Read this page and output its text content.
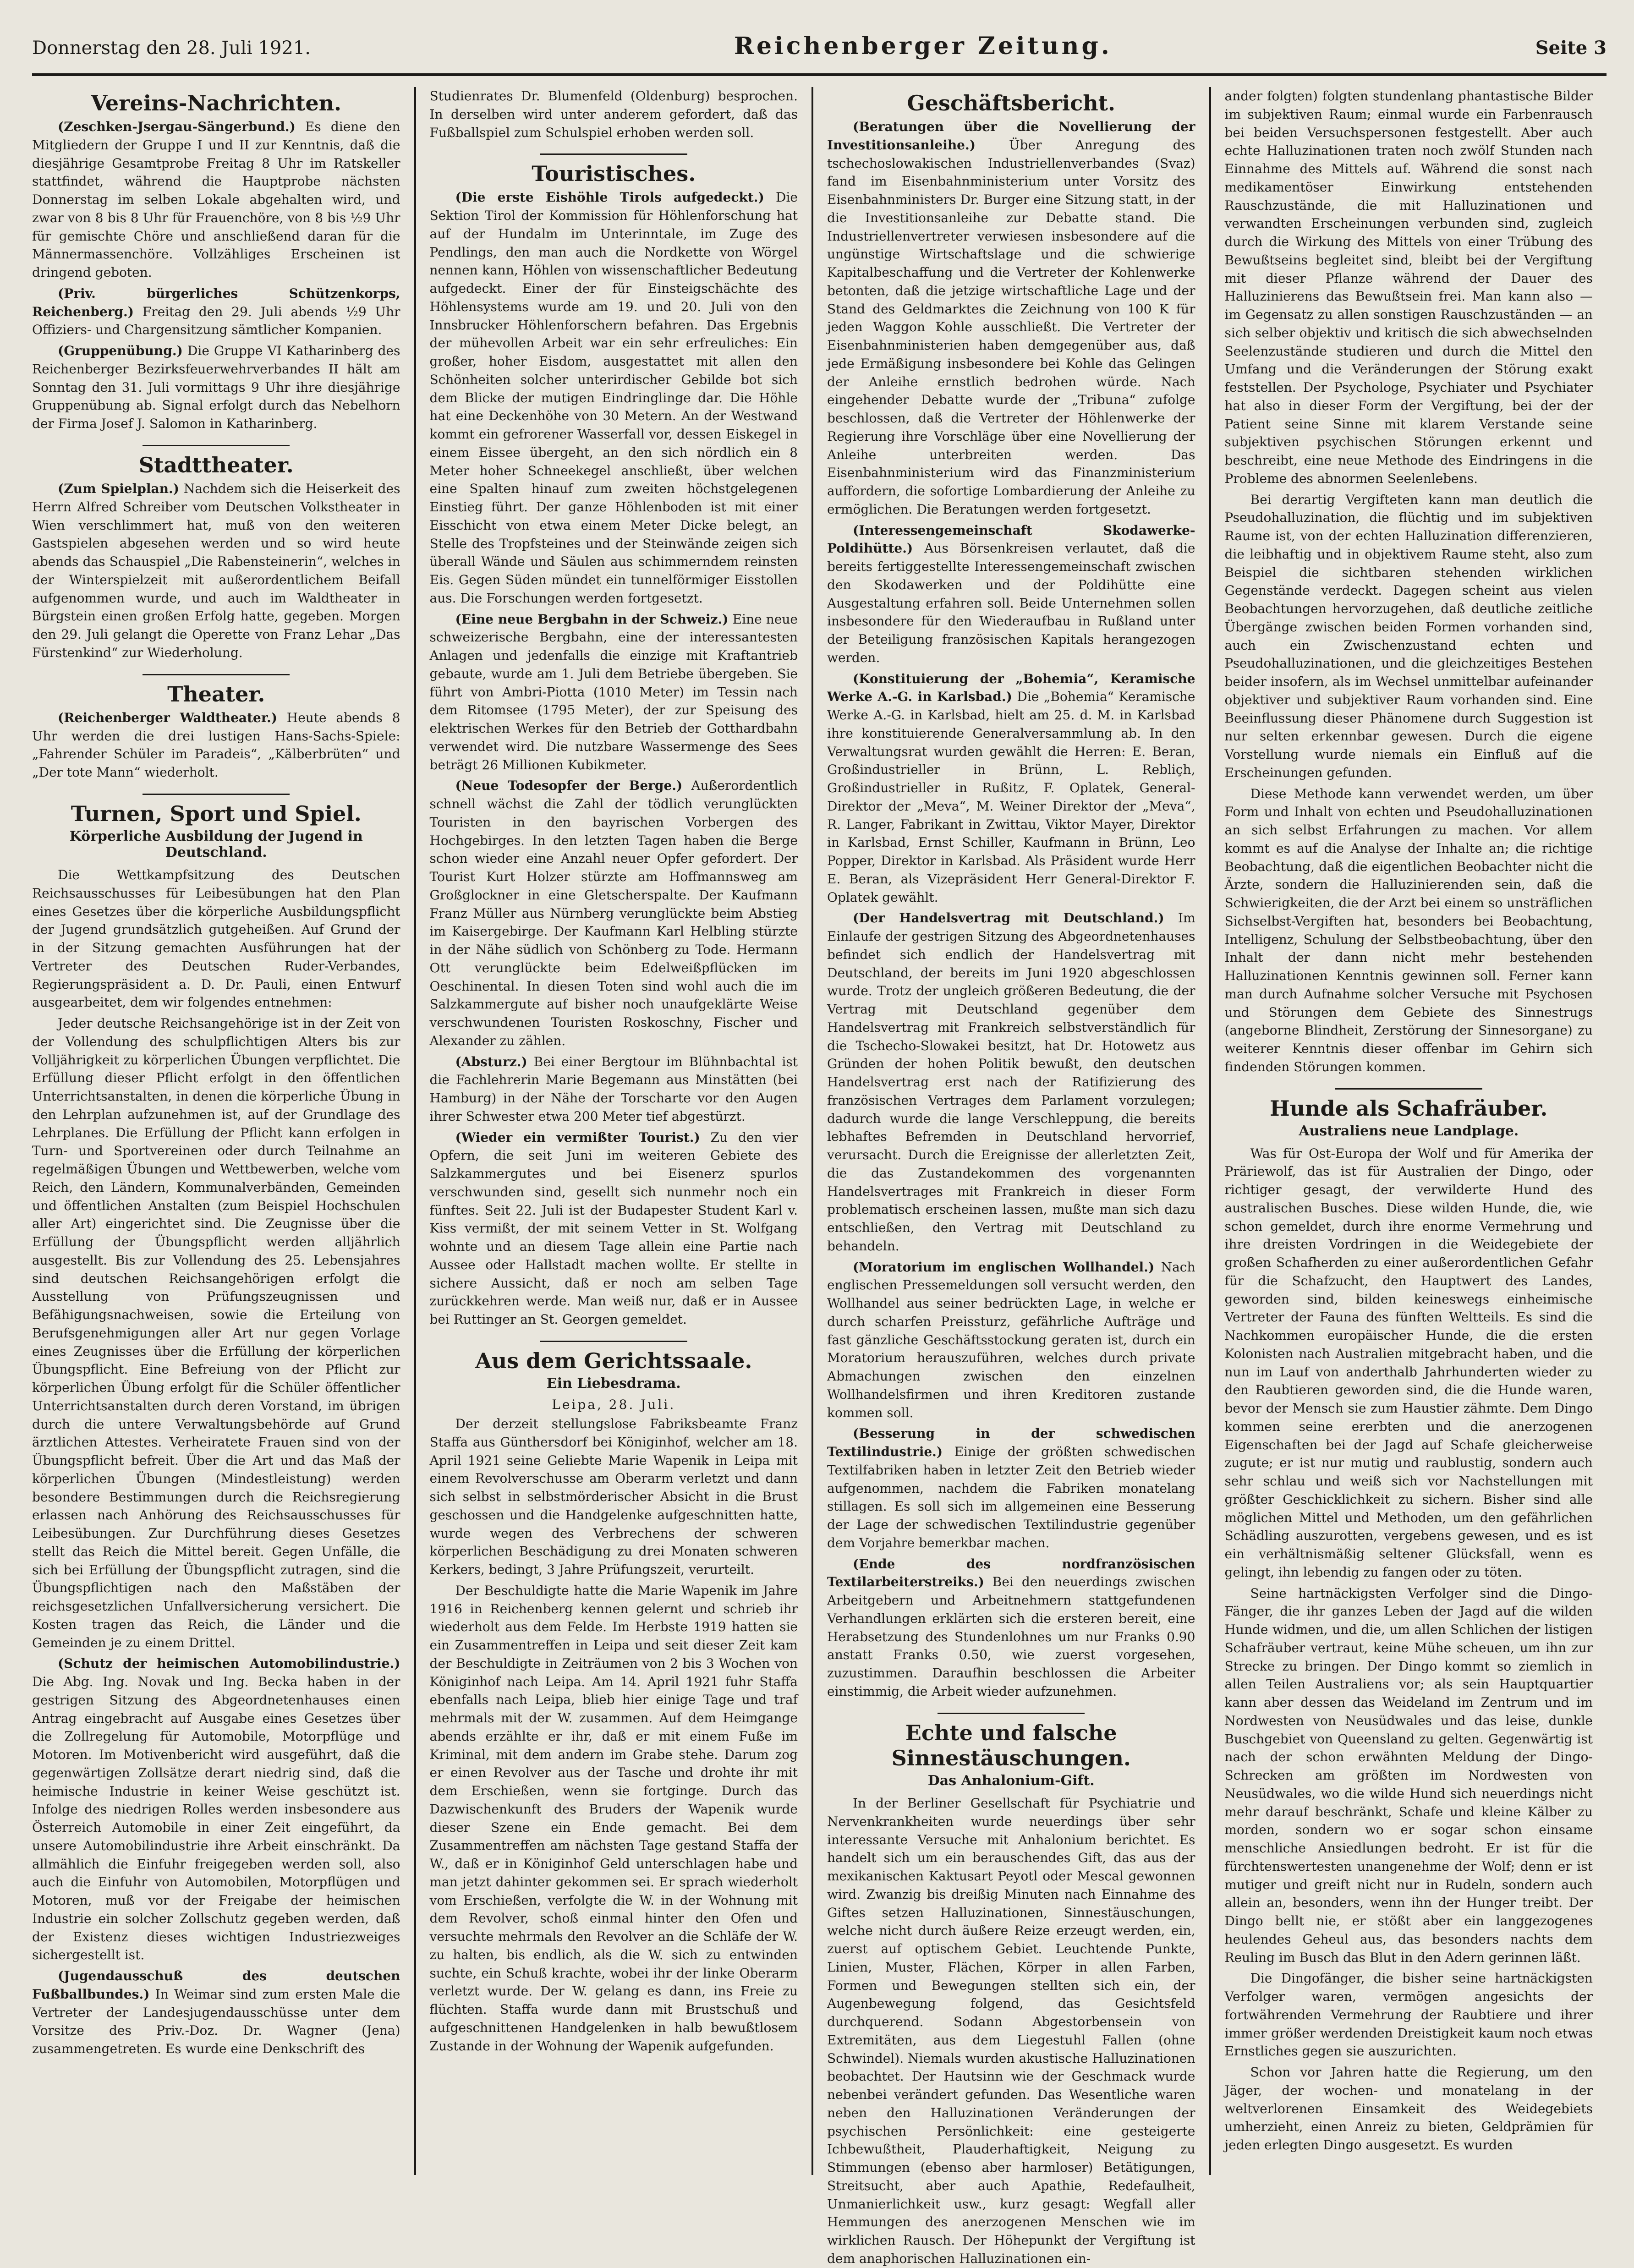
Donnerstag den 28. Juli 1921.	Reichenberger Zeitung.	Seite 3
Vereins-Nachrichten.

(Zeschken-Jsergau-Sängerbund.) Es diene den Mitgliedern der Gruppe I und II zur Kenntnis, daß die diesjährige Gesamtprobe Freitag 8 Uhr im Ratskeller stattfindet, während die Hauptprobe nächsten Donnerstag im selben Lokale abgehalten wird, und zwar von 8 bis 8 Uhr für Frauenchöre, von 8 bis ½9 Uhr für gemischte Chöre und anschließend daran für die Männermassenchöre. Vollzähliges Erscheinen ist dringend geboten.

(Priv. bürgerliches Schützenkorps, Reichenberg.) Freitag den 29. Juli abends ½9 Uhr Offiziers- und Chargensitzung sämtlicher Kompanien.

(Gruppenübung.) Die Gruppe VI Katharinberg des Reichenberger Bezirksfeuerwehrverbandes II hält am Sonntag den 31. Juli vormittags 9 Uhr ihre diesjährige Gruppenübung ab. Signal erfolgt durch das Nebelhorn der Firma Josef J. Salomon in Katharinberg.

Stadttheater.

(Zum Spielplan.) Nachdem sich die Heiserkeit des Herrn Alfred Schreiber vom Deutschen Volkstheater in Wien verschlimmert hat, muß von den weiteren Gastspielen abgesehen werden und so wird heute abends das Schauspiel „Die Rabensteinerin“, welches in der Winterspielzeit mit außerordentlichem Beifall aufgenommen wurde, und auch im Waldtheater in Bürgstein einen großen Erfolg hatte, gegeben. Morgen den 29. Juli gelangt die Operette von Franz Lehar „Das Fürstenkind“ zur Wiederholung.

Theater.

(Reichenberger Waldtheater.) Heute abends 8 Uhr werden die drei lustigen Hans-Sachs-Spiele: „Fahrender Schüler im Paradeis“, „Kälberbrüten“ und „Der tote Mann“ wiederholt.

Turnen, Sport und Spiel.
Körperliche Ausbildung der Jugend in Deutschland.

Die Wettkampfsitzung des Deutschen Reichsausschusses für Leibesübungen hat den Plan eines Gesetzes über die körperliche Ausbildungspflicht der Jugend grundsätzlich gutgeheißen. Auf Grund der in der Sitzung gemachten Ausführungen hat der Vertreter des Deutschen Ruder-Verbandes, Regierungspräsident a. D. Dr. Pauli, einen Entwurf ausgearbeitet, dem wir folgendes entnehmen:

Jeder deutsche Reichsangehörige ist in der Zeit von der Vollendung des schulpflichtigen Alters bis zur Volljährigkeit zu körperlichen Übungen verpflichtet. Die Erfüllung dieser Pflicht erfolgt in den öffentlichen Unterrichtsanstalten, in denen die körperliche Übung in den Lehrplan aufzunehmen ist, auf der Grundlage des Lehrplanes. Die Erfüllung der Pflicht kann erfolgen in Turn- und Sportvereinen oder durch Teilnahme an regelmäßigen Übungen und Wettbewerben, welche vom Reich, den Ländern, Kommunalverbänden, Gemeinden und öffentlichen Anstalten (zum Beispiel Hochschulen aller Art) eingerichtet sind. Die Zeugnisse über die Erfüllung der Übungspflicht werden alljährlich ausgestellt. Bis zur Vollendung des 25. Lebensjahres sind deutschen Reichsangehörigen erfolgt die Ausstellung von Prüfungszeugnissen und Befähigungsnachweisen, sowie die Erteilung von Berufsgenehmigungen aller Art nur gegen Vorlage eines Zeugnisses über die Erfüllung der körperlichen Übungspflicht. Eine Befreiung von der Pflicht zur körperlichen Übung erfolgt für die Schüler öffentlicher Unterrichtsanstalten durch deren Vorstand, im übrigen durch die untere Verwaltungsbehörde auf Grund ärztlichen Attestes. Verheiratete Frauen sind von der Übungspflicht befreit. Über die Art und das Maß der körperlichen Übungen (Mindestleistung) werden besondere Bestimmungen durch die Reichsregierung erlassen nach Anhörung des Reichsausschusses für Leibesübungen. Zur Durchführung dieses Gesetzes stellt das Reich die Mittel bereit. Gegen Unfälle, die sich bei Erfüllung der Übungspflicht zutragen, sind die Übungspflichtigen nach den Maßstäben der reichsgesetzlichen Unfallversicherung versichert. Die Kosten tragen das Reich, die Länder und die Gemeinden je zu einem Drittel.

(Schutz der heimischen Automobilindustrie.) Die Abg. Ing. Novak und Ing. Becka haben in der gestrigen Sitzung des Abgeordnetenhauses einen Antrag eingebracht auf Ausgabe eines Gesetzes über die Zollregelung für Automobile, Motorpflüge und Motoren. Im Motivenbericht wird ausgeführt, daß die gegenwärtigen Zollsätze derart niedrig sind, daß die heimische Industrie in keiner Weise geschützt ist. Infolge des niedrigen Rolles werden insbesondere aus Österreich Automobile in einer Zeit eingeführt, da unsere Automobilindustrie ihre Arbeit einschränkt. Da allmählich die Einfuhr freigegeben werden soll, also auch die Einfuhr von Automobilen, Motorpflügen und Motoren, muß vor der Freigabe der heimischen Industrie ein solcher Zollschutz gegeben werden, daß der Existenz dieses wichtigen Industriezweiges sichergestellt ist.

(Jugendausschuß des deutschen Fußballbundes.) In Weimar sind zum ersten Male die Vertreter der Landesjugendausschüsse unter dem Vorsitze des Priv.-Doz. Dr. Wagner (Jena) zusammengetreten. Es wurde eine Denkschrift des

Studienrates Dr. Blumenfeld (Oldenburg) besprochen. In derselben wird unter anderem gefordert, daß das Fußballspiel zum Schulspiel erhoben werden soll.

Touristisches.

(Die erste Eishöhle Tirols aufgedeckt.) Die Sektion Tirol der Kommission für Höhlenforschung hat auf der Hundalm im Unterinntale, im Zuge des Pendlings, den man auch die Nordkette von Wörgel nennen kann, Höhlen von wissenschaftlicher Bedeutung aufgedeckt. Einer der für Einsteigschächte des Höhlensystems wurde am 19. und 20. Juli von den Innsbrucker Höhlenforschern befahren. Das Ergebnis der mühevollen Arbeit war ein sehr erfreuliches: Ein großer, hoher Eisdom, ausgestattet mit allen den Schönheiten solcher unterirdischer Gebilde bot sich dem Blicke der mutigen Eindringlinge dar. Die Höhle hat eine Deckenhöhe von 30 Metern. An der Westwand kommt ein gefrorener Wasserfall vor, dessen Eiskegel in einem Eissee übergeht, an den sich nördlich ein 8 Meter hoher Schneekegel anschließt, über welchen eine Spalten hinauf zum zweiten höchstgelegenen Einstieg führt. Der ganze Höhlenboden ist mit einer Eisschicht von etwa einem Meter Dicke belegt, an Stelle des Tropfsteines und der Steinwände zeigen sich überall Wände und Säulen aus schimmerndem reinsten Eis. Gegen Süden mündet ein tunnelförmiger Eisstollen aus. Die Forschungen werden fortgesetzt.

(Eine neue Bergbahn in der Schweiz.) Eine neue schweizerische Bergbahn, eine der interessantesten Anlagen und jedenfalls die einzige mit Kraftantrieb gebaute, wurde am 1. Juli dem Betriebe übergeben. Sie führt von Ambri-Piotta (1010 Meter) im Tessin nach dem Ritomsee (1795 Meter), der zur Speisung des elektrischen Werkes für den Betrieb der Gotthardbahn verwendet wird. Die nutzbare Wassermenge des Sees beträgt 26 Millionen Kubikmeter.

(Neue Todesopfer der Berge.) Außerordentlich schnell wächst die Zahl der tödlich verunglückten Touristen in den bayrischen Vorbergen des Hochgebirges. In den letzten Tagen haben die Berge schon wieder eine Anzahl neuer Opfer gefordert. Der Tourist Kurt Holzer stürzte am Hoffmannsweg am Großglockner in eine Gletscherspalte. Der Kaufmann Franz Müller aus Nürnberg verunglückte beim Abstieg im Kaisergebirge. Der Kaufmann Karl Helbling stürzte in der Nähe südlich von Schönberg zu Tode. Hermann Ott verunglückte beim Edelweißpflücken im Oeschinental. In diesen Toten sind wohl auch die im Salzkammergute auf bisher noch unaufgeklärte Weise verschwundenen Touristen Roskoschny, Fischer und Alexander zu zählen.

(Absturz.) Bei einer Bergtour im Blühnbachtal ist die Fachlehrerin Marie Begemann aus Minstätten (bei Hamburg) in der Nähe der Torscharte vor den Augen ihrer Schwester etwa 200 Meter tief abgestürzt.

(Wieder ein vermißter Tourist.) Zu den vier Opfern, die seit Juni im weiteren Gebiete des Salzkammergutes und bei Eisenerz spurlos verschwunden sind, gesellt sich nunmehr noch ein fünftes. Seit 22. Juli ist der Budapester Student Karl v. Kiss vermißt, der mit seinem Vetter in St. Wolfgang wohnte und an diesem Tage allein eine Partie nach Aussee oder Hallstadt machen wollte. Er stellte in sichere Aussicht, daß er noch am selben Tage zurückkehren werde. Man weiß nur, daß er in Aussee bei Ruttinger an St. Georgen gemeldet.

Aus dem Gerichtssaale.
Ein Liebesdrama.
Leipa, 28. Juli.

Der derzeit stellungslose Fabriksbeamte Franz Staffa aus Günthersdorf bei Königinhof, welcher am 18. April 1921 seine Geliebte Marie Wapenik in Leipa mit einem Revolverschusse am Oberarm verletzt und dann sich selbst in selbstmörderischer Absicht in die Brust geschossen und die Handgelenke aufgeschnitten hatte, wurde wegen des Verbrechens der schweren körperlichen Beschädigung zu drei Monaten schweren Kerkers, bedingt, 3 Jahre Prüfungszeit, verurteilt.

Der Beschuldigte hatte die Marie Wapenik im Jahre 1916 in Reichenberg kennen gelernt und schrieb ihr wiederholt aus dem Felde. Im Herbste 1919 hatten sie ein Zusammentreffen in Leipa und seit dieser Zeit kam der Beschuldigte in Zeiträumen von 2 bis 3 Wochen von Königinhof nach Leipa. Am 14. April 1921 fuhr Staffa ebenfalls nach Leipa, blieb hier einige Tage und traf mehrmals mit der W. zusammen. Auf dem Heimgange abends erzählte er ihr, daß er mit einem Fuße im Kriminal, mit dem andern im Grabe stehe. Darum zog er einen Revolver aus der Tasche und drohte ihr mit dem Erschießen, wenn sie fortginge. Durch das Dazwischenkunft des Bruders der Wapenik wurde dieser Szene ein Ende gemacht. Bei dem Zusammentreffen am nächsten Tage gestand Staffa der W., daß er in Königinhof Geld unterschlagen habe und man jetzt dahinter gekommen sei. Er sprach wiederholt vom Erschießen, verfolgte die W. in der Wohnung mit dem Revolver, schoß einmal hinter den Ofen und versuchte mehrmals den Revolver an die Schläfe der W. zu halten, bis endlich, als die W. sich zu entwinden suchte, ein Schuß krachte, wobei ihr der linke Oberarm verletzt wurde. Der W. gelang es dann, ins Freie zu flüchten. Staffa wurde dann mit Brustschuß und aufgeschnittenen Handgelenken in halb bewußtlosem Zustande in der Wohnung der Wapenik aufgefunden.

Geschäftsbericht.

(Beratungen über die Novellierung der Investitionsanleihe.)	Über Anregung des tschechoslowakischen Industriellenverbandes (Svaz) fand im Eisenbahnministerium unter Vorsitz des Eisenbahnministers Dr. Burger eine Sitzung statt, in der die Investitionsanleihe zur Debatte stand. Die Industriellenvertreter verwiesen insbesondere auf die ungünstige Wirtschaftslage und die schwierige Kapitalbeschaffung und die Vertreter der Kohlenwerke betonten, daß die jetzige wirtschaftliche Lage und der Stand des Geldmarktes die Zeichnung von 100 K für jeden Waggon Kohle ausschließt. Die Vertreter der Eisenbahnministerien haben demgegenüber aus, daß jede Ermäßigung insbesondere bei Kohle das Gelingen der Anleihe ernstlich bedrohen würde. Nach eingehender Debatte wurde der „Tribuna“ zufolge beschlossen, daß die Vertreter der Höhlenwerke der Regierung ihre Vorschläge über eine Novellierung der Anleihe unterbreiten werden. Das Eisenbahnministerium wird das Finanzministerium auffordern, die sofortige Lombardierung der Anleihe zu ermöglichen. Die Beratungen werden fortgesetzt.

(Interessengemeinschaft Skodawerke-Poldihütte.) Aus Börsenkreisen verlautet, daß die bereits fertiggestellte Interessengemeinschaft zwischen den Skodawerken und der Poldihütte eine Ausgestaltung erfahren soll. Beide Unternehmen sollen insbesondere für den Wiederaufbau in Rußland unter der Beteiligung französischen Kapitals herangezogen werden.

(Konstituierung der „Bohemia“, Keramische Werke A.-G. in Karlsbad.) Die „Bohemia“ Keramische Werke A.-G. in Karlsbad, hielt am 25. d. M. in Karlsbad ihre konstituierende Generalversammlung ab. In den Verwaltungsrat wurden gewählt die Herren: E. Beran, Großindustrieller in Brünn, L. Rebliçh, Großindustrieller in Rußitz, F. Oplatek, General-Direktor der „Meva“, M. Weiner Direktor der „Meva“, R. Langer, Fabrikant in Zwittau, Viktor Mayer, Direktor in Karlsbad, Ernst Schiller, Kaufmann in Brünn, Leo Popper, Direktor in Karlsbad. Als Präsident wurde Herr E. Beran, als Vizepräsident Herr General-Direktor F. Oplatek gewählt.

(Der Handelsvertrag mit Deutschland.) Im Einlaufe der gestrigen Sitzung des Abgeordnetenhauses befindet sich endlich der Handelsvertrag mit Deutschland, der bereits im Juni 1920 abgeschlossen wurde. Trotz der ungleich größeren Bedeutung, die der Vertrag mit Deutschland gegenüber dem Handelsvertrag mit Frankreich selbstverständlich für die Tschecho-Slowakei besitzt, hat Dr. Hotowetz aus Gründen der hohen Politik bewußt, den deutschen Handelsvertrag erst nach der Ratifizierung des französischen Vertrages dem Parlament vorzulegen; dadurch wurde die lange Verschleppung, die bereits lebhaftes Befremden in Deutschland hervorrief, verursacht. Durch die Ereignisse der allerletzten Zeit, die das Zustandekommen des vorgenannten Handelsvertrages mit Frankreich in dieser Form problematisch erscheinen lassen, mußte man sich dazu entschließen, den Vertrag mit Deutschland zu behandeln.

(Moratorium im englischen Wollhandel.) Nach englischen Pressemeldungen soll versucht werden, den Wollhandel aus seiner bedrückten Lage, in welche er durch scharfen Preissturz, gefährliche Aufträge und fast gänzliche Geschäftsstockung geraten ist, durch ein Moratorium herauszuführen, welches durch private Abmachungen zwischen den einzelnen Wollhandelsfirmen und ihren Kreditoren zustande kommen soll.

(Besserung in der schwedischen Textilindustrie.) Einige der größten schwedischen Textilfabriken haben in letzter Zeit den Betrieb wieder aufgenommen, nachdem die Fabriken monatelang stillagen. Es soll sich im allgemeinen eine Besserung der Lage der schwedischen Textilindustrie gegenüber dem Vorjahre bemerkbar machen.

(Ende des nordfranzösischen Textilarbeiterstreiks.) Bei den neuerdings zwischen Arbeitgebern und Arbeitnehmern stattgefundenen Verhandlungen erklärten sich die ersteren bereit, eine Herabsetzung des Stundenlohnes um nur Franks 0.90 anstatt Franks 0.50, wie zuerst vorgesehen, zuzustimmen. Daraufhin beschlossen die Arbeiter einstimmig, die Arbeit wieder aufzunehmen.

Echte und falsche Sinnestäuschungen.
Das Anhalonium-Gift.

In der Berliner Gesellschaft für Psychiatrie und Nervenkrankheiten wurde neuerdings über sehr interessante Versuche mit Anhalonium berichtet. Es handelt sich um ein berauschendes Gift, das aus der mexikanischen Kaktusart Peyotl oder Mescal gewonnen wird. Zwanzig bis dreißig Minuten nach Einnahme des Giftes setzen Halluzinationen, Sinnestäuschungen, welche nicht durch äußere Reize erzeugt werden, ein, zuerst auf optischem Gebiet. Leuchtende Punkte, Linien, Muster, Flächen, Körper in allen Farben, Formen und Bewegungen stellten sich ein, der Augenbewegung folgend, das Gesichtsfeld durchquerend. Sodann Abgestorbensein von Extremitäten, aus dem Liegestuhl Fallen (ohne Schwindel). Niemals wurden akustische Halluzinationen beobachtet. Der Hautsinn wie der Geschmack wurde nebenbei verändert gefunden. Das Wesentliche waren neben den Halluzinationen Veränderungen der psychischen Persönlichkeit: eine gesteigerte Ichbewußtheit, Plauderhaftigkeit, Neigung zu Stimmungen (ebenso aber harmloser) Betätigungen, Streitsucht, aber auch Apathie, Redefaulheit, Unmanierlichkeit usw., kurz gesagt: Wegfall aller Hemmungen des anerzogenen Menschen wie im wirklichen Rausch. Der Höhepunkt der Vergiftung ist dem anaphorischen Halluzinationen ein-

ander folgten) folgten stundenlang phantastische Bilder im subjektiven Raum; einmal wurde ein Farbenrausch bei beiden Versuchspersonen festgestellt. Aber auch echte Halluzinationen traten noch zwölf Stunden nach Einnahme des Mittels auf. Während die sonst nach medikamentöser Einwirkung entstehenden Rauschzustände, die mit Halluzinationen und verwandten Erscheinungen verbunden sind, zugleich durch die Wirkung des Mittels von einer Trübung des Bewußtseins begleitet sind, bleibt bei der Vergiftung mit dieser Pflanze während der Dauer des Halluzinierens das Bewußtsein frei. Man kann also — im Gegensatz zu allen sonstigen Rauschzuständen — an sich selber objektiv und kritisch die sich abwechselnden Seelenzustände studieren und durch die Mittel den Umfang und die Veränderungen der Störung exakt feststellen. Der Psychologe, Psychiater und Psychiater hat also in dieser Form der Vergiftung, bei der der Patient seine Sinne mit klarem Verstande seine subjektiven psychischen Störungen erkennt und beschreibt, eine neue Methode des Eindringens in die Probleme des abnormen Seelenlebens.

Bei derartig Vergifteten kann man deutlich die Pseudohalluzination, die flüchtig und im subjektiven Raume ist, von der echten Halluzination differenzieren, die leibhaftig und in objektivem Raume steht, also zum Beispiel die sichtbaren stehenden wirklichen Gegenstände verdeckt. Dagegen scheint aus vielen Beobachtungen hervorzugehen, daß deutliche zeitliche Übergänge zwischen beiden Formen vorhanden sind, auch ein Zwischenzustand echten und Pseudohalluzinationen, und die gleichzeitiges Bestehen beider insofern, als im Wechsel unmittelbar aufeinander objektiver und subjektiver Raum vorhanden sind. Eine Beeinflussung dieser Phänomene durch Suggestion ist nur selten erkennbar gewesen. Durch die eigene Vorstellung wurde niemals ein Einfluß auf die Erscheinungen gefunden.

Diese Methode kann verwendet werden, um über Form und Inhalt von echten und Pseudohalluzinationen an sich selbst Erfahrungen zu machen. Vor allem kommt es auf die Analyse der Inhalte an; die richtige Beobachtung, daß die eigentlichen Beobachter nicht die Ärzte, sondern die Halluzinierenden sein, daß die Schwierigkeiten, die der Arzt bei einem so unsträflichen Sichselbst-Vergiften hat, besonders bei Beobachtung, Intelligenz, Schulung der Selbstbeobachtung, über den Inhalt der dann nicht mehr bestehenden Halluzinationen Kenntnis gewinnen soll. Ferner kann man durch Aufnahme solcher Versuche mit Psychosen und Störungen dem Gebiete des Sinnestrugs (angeborne Blindheit, Zerstörung der Sinnesorgane) zu weiterer Kenntnis dieser offenbar im Gehirn sich findenden Störungen kommen.

Hunde als Schafräuber.
Australiens neue Landplage.

Was für Ost-Europa der Wolf und für Amerika der Präriewolf, das ist für Australien der Dingo, oder richtiger gesagt, der verwilderte Hund des australischen Busches. Diese wilden Hunde, die, wie schon gemeldet, durch ihre enorme Vermehrung und ihre dreisten Vordringen in die Weidegebiete der großen Schafherden zu einer außerordentlichen Gefahr für die Schafzucht, den Hauptwert des Landes, geworden sind, bilden keineswegs einheimische Vertreter der Fauna des fünften Weltteils. Es sind die Nachkommen europäischer Hunde, die die ersten Kolonisten nach Australien mitgebracht haben, und die nun im Lauf von anderthalb Jahrhunderten wieder zu den Raubtieren geworden sind, die die Hunde waren, bevor der Mensch sie zum Haustier zähmte. Dem Dingo kommen seine ererbten und die anerzogenen Eigenschaften bei der Jagd auf Schafe gleicherweise zugute; er ist nur mutig und raublustig, sondern auch sehr schlau und weiß sich vor Nachstellungen mit größter Geschicklichkeit zu sichern. Bisher sind alle möglichen Mittel und Methoden, um den gefährlichen Schädling auszurotten, vergebens gewesen, und es ist ein verhältnismäßig seltener Glücksfall, wenn es gelingt, ihn lebendig zu fangen oder zu töten.

Seine hartnäckigsten Verfolger sind die Dingo-Fänger, die ihr ganzes Leben der Jagd auf die wilden Hunde widmen, und die, um allen Schlichen der listigen Schafräuber vertraut, keine Mühe scheuen, um ihn zur Strecke zu bringen. Der Dingo kommt so ziemlich in allen Teilen Australiens vor; als sein Hauptquartier kann aber dessen das Weideland im Zentrum und im Nordwesten von Neusüdwales und das leise, dunkle Buschgebiet von Queensland zu gelten. Gegenwärtig ist nach der schon erwähnten Meldung der Dingo-Schrecken am größten im Nordwesten von Neusüdwales, wo die wilde Hund sich neuerdings nicht mehr darauf beschränkt, Schafe und kleine Kälber zu morden, sondern wo er sogar schon einsame menschliche Ansiedlungen bedroht. Er ist für die fürchtenswertesten unangenehme der Wolf; denn er ist mutiger und greift nicht nur in Rudeln, sondern auch allein an, besonders, wenn ihn der Hunger treibt. Der Dingo bellt nie, er stößt aber ein langgezogenes heulendes Geheul aus, das besonders nachts dem Reuling im Busch das Blut in den Adern gerinnen läßt.

Die Dingofänger, die bisher seine hartnäckigsten Verfolger waren, vermögen angesichts der fortwährenden Vermehrung der Raubtiere und ihrer immer größer werdenden Dreistigkeit kaum noch etwas Ernstliches gegen sie auszurichten.

Schon vor Jahren hatte die Regierung, um den Jäger, der wochen- und monatelang in der weltverlorenen Einsamkeit des Weidegebiets umherzieht, einen Anreiz zu bieten, Geldprämien für jeden erlegten Dingo ausgesetzt. Es wurden
